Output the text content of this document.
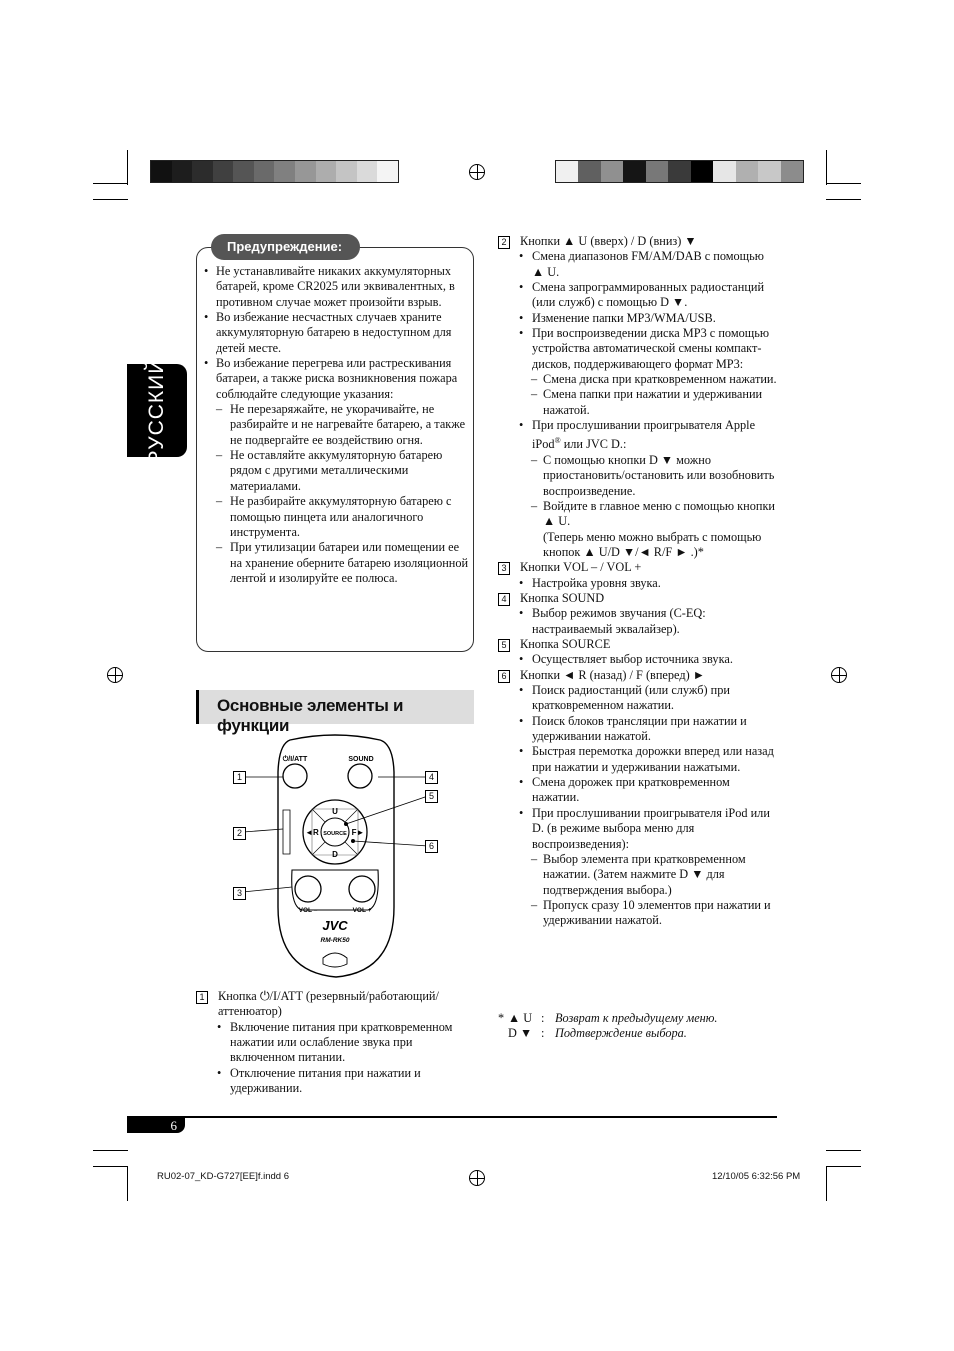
РУССКИЙ
Предупреждение:
• Не устанавливайте никаких аккумуляторных батарей, кроме CR2025 или эквивалентных, в противном случае может произойти взрыв.
• Во избежание несчастных случаев храните аккумуляторную батарею в недоступном для детей месте.
• Во избежание перегрева или растрескивания батареи, а также риска возникновения пожара соблюдайте следующие указания:
– Не перезаряжайте, не укорачивайте, не разбирайте и не нагревайте батарею, а также не подвергайте ее воздействию огня.
– Не оставляйте аккумуляторную батарею рядом с другими металлическими материалами.
– Не разбирайте аккумуляторную батарею с помощью пинцета или аналогичного инструмента.
– При утилизации батареи или помещении ее на хранение оберните батарею изоляционной лентой и изолируйте ее полюса.
Основные элементы и функции
⏻/I/ATT	SOUND
SOURCE
U
D
◄R	F►
VOL –	VOL +
JVC
RM-RK50
1
2
3
4
5
6
1 Кнопка ⏻/I/ATT (резервный/работающий/ аттенюатор)
• Включение питания при кратковременном нажатии или ослабление звука при включенном питании.
• Отключение питания при нажатии и удерживании.
2 Кнопки ▲ U (вверх) / D (вниз) ▼
• Смена диапазонов FM/AM/DAB с помощью ▲ U.
• Смена запрограммированных радиостанций (или служб) с помощью D ▼.
• Изменение папки MP3/WMA/USB.
• При воспроизведении диска MP3 с помощью устройства автоматической смены компакт-дисков, поддерживающего формат MP3:
– Смена диска при кратковременном нажатии.
– Смена папки при нажатии и удерживании нажатой.
• При прослушивании проигрывателя Apple iPod® или JVC D.:
– С помощью кнопки D ▼ можно приостановить/остановить или возобновить воспроизведение.
– Войдите в главное меню с помощью кнопки ▲ U.
(Теперь меню можно выбрать с помощью кнопок ▲ U/D ▼/◄ R/F ► .)*
3 Кнопки VOL – / VOL +
• Настройка уровня звука.
4 Кнопка SOUND
• Выбор режимов звучания (C-EQ: настраиваемый эквалайзер).
5 Кнопка SOURCE
• Осуществляет выбор источника звука.
6 Кнопки ◄ R (назад) / F (вперед) ►
• Поиск радиостанций (или служб) при кратковременном нажатии.
• Поиск блоков трансляции при нажатии и удерживании нажатой.
• Быстрая перемотка дорожки вперед или назад при нажатии и удерживании нажатыми.
• Смена дорожек при кратковременном нажатии.
• При прослушивании проигрывателя iPod или D. (в режиме выбора меню для воспроизведения):
– Выбор элемента при кратковременном нажатии. (Затем нажмите D ▼ для подтверждения выбора.)
– Пропуск сразу 10 элементов при нажатии и удерживании нажатой.
* ▲ U : Возврат к предыдущему меню.
D ▼ : Подтверждение выбора.
6
RU02-07_KD-G727[EE]f.indd 6	12/10/05 6:32:56 PM
